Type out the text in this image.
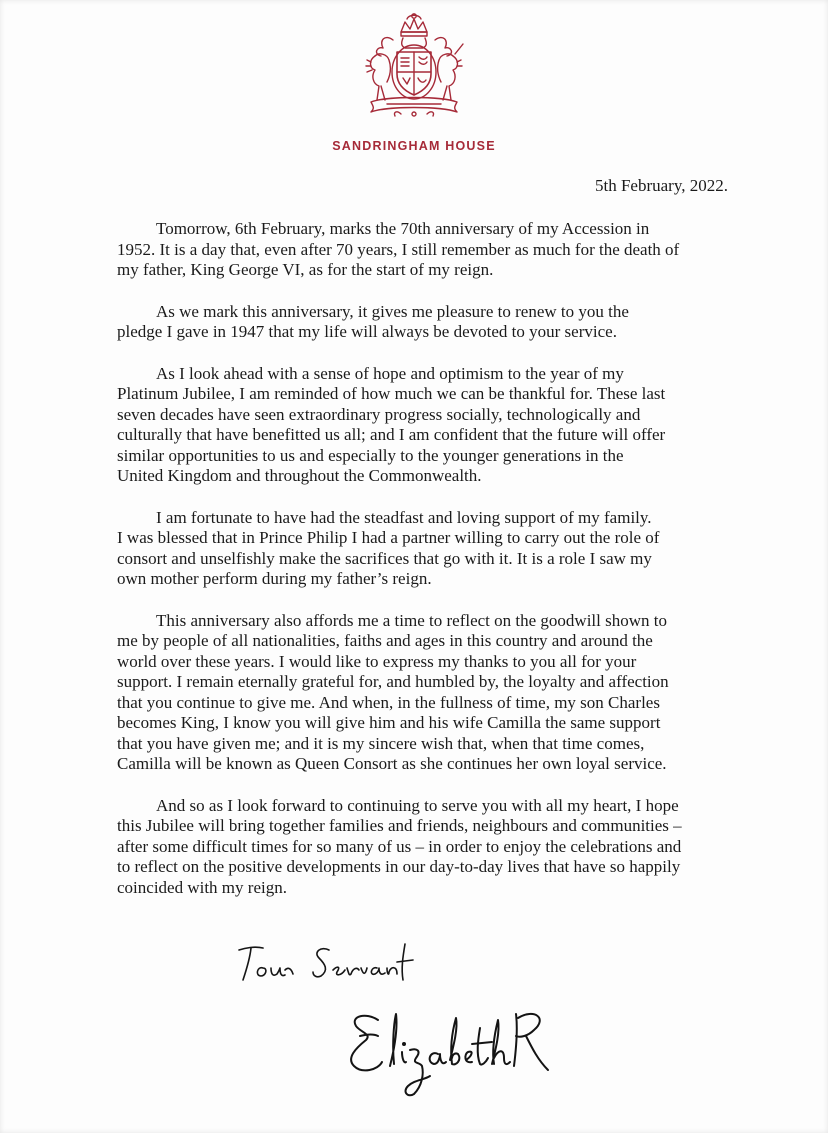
SANDRINGHAM HOUSE
5th February, 2022.

Tomorrow, 6th February, marks the 70th anniversary of my Accession in
1952. It is a day that, even after 70 years, I still remember as much for the death of
my father, King George VI, as for the start of my reign.

As we mark this anniversary, it gives me pleasure to renew to you the
pledge I gave in 1947 that my life will always be devoted to your service.

As I look ahead with a sense of hope and optimism to the year of my
Platinum Jubilee, I am reminded of how much we can be thankful for. These last
seven decades have seen extraordinary progress socially, technologically and
culturally that have benefitted us all; and I am confident that the future will offer
similar opportunities to us and especially to the younger generations in the
United Kingdom and throughout the Commonwealth.

I am fortunate to have had the steadfast and loving support of my family.
I was blessed that in Prince Philip I had a partner willing to carry out the role of
consort and unselfishly make the sacrifices that go with it. It is a role I saw my
own mother perform during my father’s reign.

This anniversary also affords me a time to reflect on the goodwill shown to
me by people of all nationalities, faiths and ages in this country and around the
world over these years. I would like to express my thanks to you all for your
support. I remain eternally grateful for, and humbled by, the loyalty and affection
that you continue to give me. And when, in the fullness of time, my son Charles
becomes King, I know you will give him and his wife Camilla the same support
that you have given me; and it is my sincere wish that, when that time comes,
Camilla will be known as Queen Consort as she continues her own loyal service.

And so as I look forward to continuing to serve you with all my heart, I hope
this Jubilee will bring together families and friends, neighbours and communities –
after some difficult times for so many of us – in order to enjoy the celebrations and
to reflect on the positive developments in our day-to-day lives that have so happily
coincided with my reign.
